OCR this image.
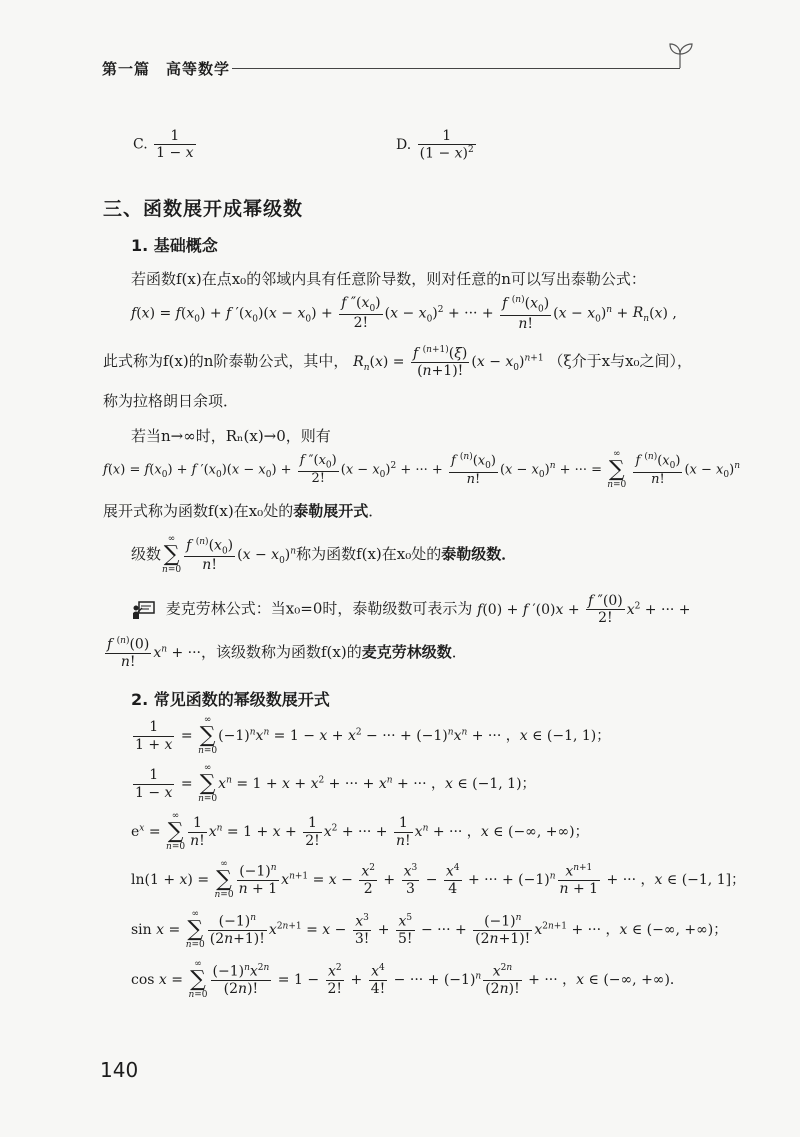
第一篇　高等数学
C. $\frac{1}{1 - x}$	D. $\frac{1}{(1 - x)^2}$
三、函数展开成幂级数
1. 基础概念
若函数f(x)在点x₀的邻域内具有任意阶导数，则对任意的n可以写出泰勒公式：
$f(x) = f(x_0) + f$ $'(x_0)(x - x_0) + \frac{f ''(x_0)}{2!} (x - x_0)^2$ + ··· + $\frac{f ^{(n)}(x_0)}{n!} (x - x_0)^n + R_n(x)$ ,
此式称为f(x)的n阶泰勒公式，其中， $R_n(x) = \frac{f ^{(n+1)}(\xi)}{(n+1)!} (x - x_0)^{n+1}$ （ξ介于x与x₀之间），
称为拉格朗日余项．
若当n→∞时，Rₙ(x)→0，则有
$f(x) = f(x_0) + f$ $'(x_0)(x - x_0) + \frac{f ''(x_0)}{2!} (x - x_0)^2$ + ··· + $\frac{f ^{(n)}(x_0)}{n!} (x - x_0)^n$ + ··· =
∞
∑
n=0
$\frac{f ^{(n)}(x_0)}{n!} (x - x_0)^n$
展开式称为函数f(x)在x₀处的泰勒展开式．
级数
∞
∑
$n=0 \frac{f ^{(n)}(x_0)}{n!} (x - x_0)^n$称为函数f(x)在x₀处的泰勒级数．
麦克劳林公式：当x₀=0时，泰勒级数可表示为 f(0) + f $'(0)x + \frac{f ''(0)}{2!} x^2$ + ··· +
$\frac{f ^{(n)}(0)}{n!} x^n$ + ···，该级数称为函数f(x)的麦克劳林级数．
2. 常见函数的幂级数展开式
$\frac{1}{1 + x}$ =
∞
∑
n=0
$(-1)^nx^n = 1 - x + x^2$ − ··· + $(-1)^nx^n$ + ··· ，x ∈ (−1, 1)；
$\frac{1}{1 - x}$ =
∞
∑
n=0
$x^n = 1 + x + x^2$ + ··· + $x^n$ + ··· ，x ∈ (−1, 1)；
$e^x$ =
∞
∑
$n=0 \frac{1}{n!} x^n = 1 + x + \frac{1}{2!} x^2$ + ··· + $\frac{1}{n!} x^n$ + ··· ，x ∈ (−∞, +∞)；
ln(1 + x) =
∞
∑
$n=0 \frac{(-1)^n}{n + 1} x^{n+1} = x - \frac{x^2}{2} + \frac{x^3}{3} - \frac{x^4}{4}$ + ··· + $(-1)^n \frac{x^{n+1}}{n + 1}$ + ··· ，x ∈ (−1, 1]；
sin x =
∞
∑
$n=0 \frac{(-1)^n}{(2n+1)!} x^{2n+1} = x - \frac{x^3}{3!} + \frac{x^5}{5!}$ − ··· + $\frac{(-1)^n}{(2n+1)!} x^{2n+1}$ + ··· ，x ∈ (−∞, +∞)；
cos x =
∞
∑
$n=0 \frac{(-1)^nx^{2n}}{(2n)!} = 1 - \frac{x^2}{2!} + \frac{x^4}{4!}$ − ··· + $(-1)^n \frac{x^{2n}}{(2n)!}$ + ··· ，x ∈ (−∞, +∞)．
140
